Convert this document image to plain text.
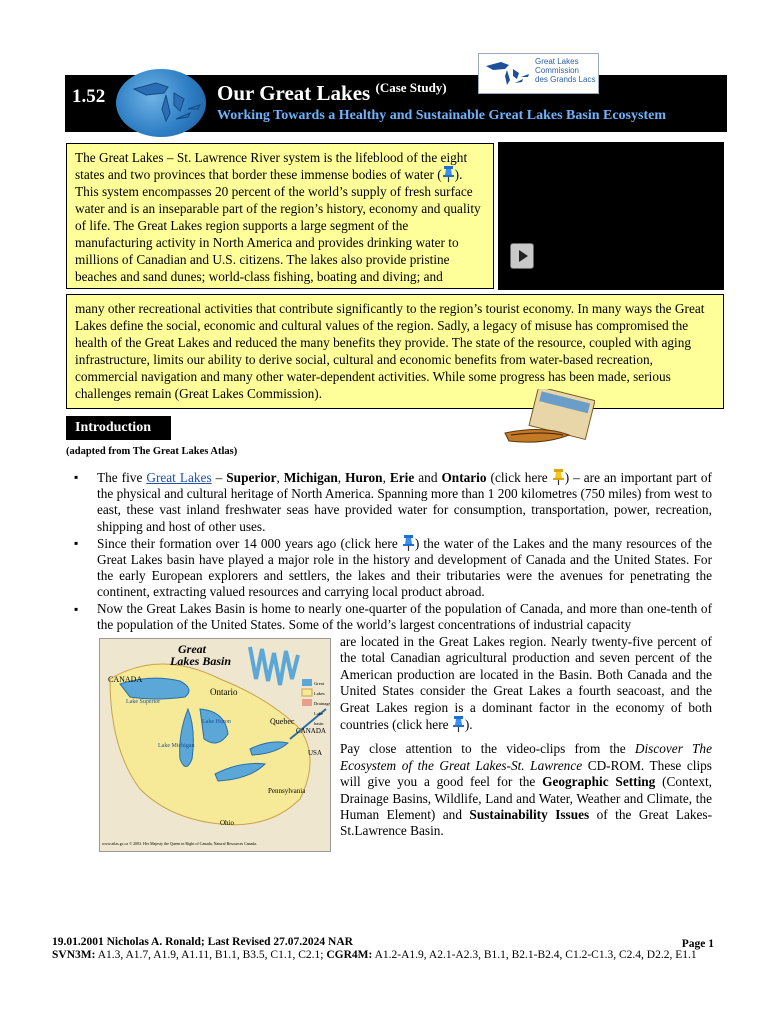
1.52	Our Great Lakes $^{(Case Study)}$
Working Towards a Healthy and Sustainable Great Lakes Basin Ecosystem
Great Lakes
Commission
des Grands Lacs
The Great Lakes – St. Lawrence River system is the lifeblood of the eight states and two provinces that border these immense bodies of water ( ). This system encompasses 20 percent of the world’s supply of fresh surface water and is an inseparable part of the region’s history, economy and quality of life. The Great Lakes region supports a large segment of the manufacturing activity in North America and provides drinking water to millions of Canadian and U.S. citizens. The lakes also provide pristine beaches and sand dunes; world-class fishing, boating and diving; and
many other recreational activities that contribute significantly to the region’s tourist economy. In many ways the Great Lakes define the social, economic and cultural values of the region. Sadly, a legacy of misuse has compromised the health of the Great Lakes and reduced the many benefits they provide. The state of the resource, coupled with aging infrastructure, limits our ability to derive social, cultural and economic benefits from water-based recreation, commercial navigation and many other water-dependent activities. While some progress has been made, serious challenges remain (Great Lakes Commission).
Introduction
(adapted from The Great Lakes Atlas)
▪ The five Great Lakes – Superior, Michigan, Huron, Erie and Ontario (click here ) – are an important part of the physical and cultural heritage of North America. Spanning more than 1 200 kilometres (750 miles) from west to east, these vast inland freshwater seas have provided water for consumption, transportation, power, recreation, shipping and host of other uses.
▪ Since their formation over 14 000 years ago (click here ) the water of the Lakes and the many resources of the Great Lakes basin have played a major role in the history and development of Canada and the United States. For the early European explorers and settlers, the lakes and their tributaries were the avenues for penetrating the continent, extracting valued resources and carrying local product abroad.
▪ Now the Great Lakes Basin is home to nearly one-quarter of the population of Canada, and more than one-tenth of the population of the United States. Some of the world’s largest concentrations of industrial capacity
Great
Lakes Basin
CANADA
Ontario
Quebec
CANADA
USA
Lake Superior
Lake Huron
Lake Michigan
Ohio
Pennsylvania
Great Lakes
Drainage
Lake basin
www.atlas.gc.ca © 2003. Her Majesty the Queen in Right of Canada, Natural Resources Canada.

are located in the Great Lakes region. Nearly twenty-five percent of the total Canadian agricultural production and seven percent of the American production are located in the Basin. Both Canada and the United States consider the Great Lakes a fourth seacoast, and the Great Lakes region is a dominant factor in the economy of both countries (click here ).

Pay close attention to the video-clips from the Discover The Ecosystem of the Great Lakes-St. Lawrence CD-ROM. These clips will give you a good feel for the Geographic Setting (Context, Drainage Basins, Wildlife, Land and Water, Weather and Climate, the Human Element) and Sustainability Issues of the Great Lakes-St.Lawrence Basin.

19.01.2001 Nicholas A. Ronald; Last Revised 27.07.2024 NAR	Page 1
SVN3M: A1.3, A1.7, A1.9, A1.11, B1.1, B3.5, C1.1, C2.1; CGR4M: A1.2-A1.9, A2.1-A2.3, B1.1, B2.1-B2.4, C1.2-C1.3, C2.4, D2.2, E1.1
